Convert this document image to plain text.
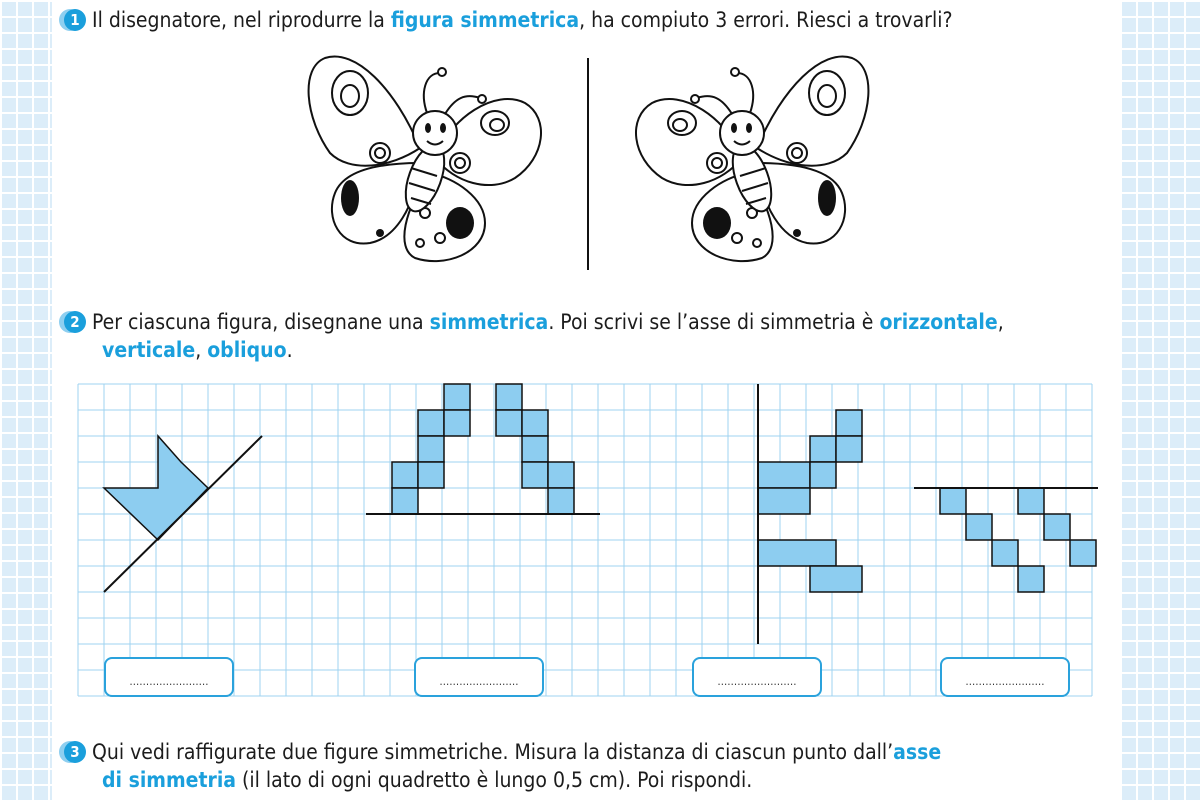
1 Il disegnatore, nel riprodurre la figura simmetrica, ha compiuto 3 errori. Riesci a trovarli?
2 Per ciascuna figura, disegnane una simmetrica. Poi scrivi se l’asse di simmetria è orizzontale,
verticale, obliquo.
3 Qui vedi raffigurate due figure simmetriche. Misura la distanza di ciascun punto dall’asse
di simmetria (il lato di ogni quadretto è lungo 0,5 cm). Poi rispondi.
……………………	……………………	……………………	……………………
